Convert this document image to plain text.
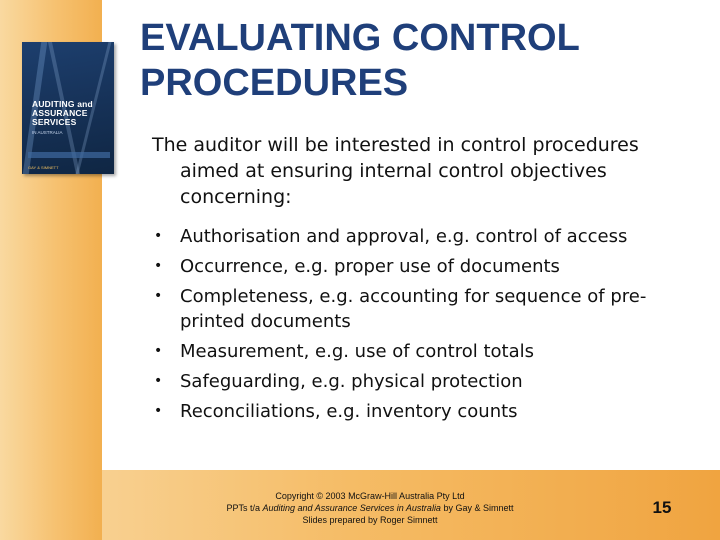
AUDITING and
ASSURANCE
SERVICES
IN AUSTRALIA
GAY & SIMNETT
EVALUATING CONTROL PROCEDURES

The auditor will be interested in control procedures aimed at ensuring internal control objectives concerning:

• Authorisation and approval, e.g. control of access
• Occurrence, e.g. proper use of documents
• Completeness, e.g. accounting for sequence of pre-printed documents
• Measurement, e.g. use of control totals
• Safeguarding, e.g. physical protection
• Reconciliations, e.g. inventory counts

Copyright © 2003 McGraw-Hill Australia Pty Ltd

PPTs t/a Auditing and Assurance Services in Australia by Gay & Simnett

Slides prepared by Roger Simnett

15
